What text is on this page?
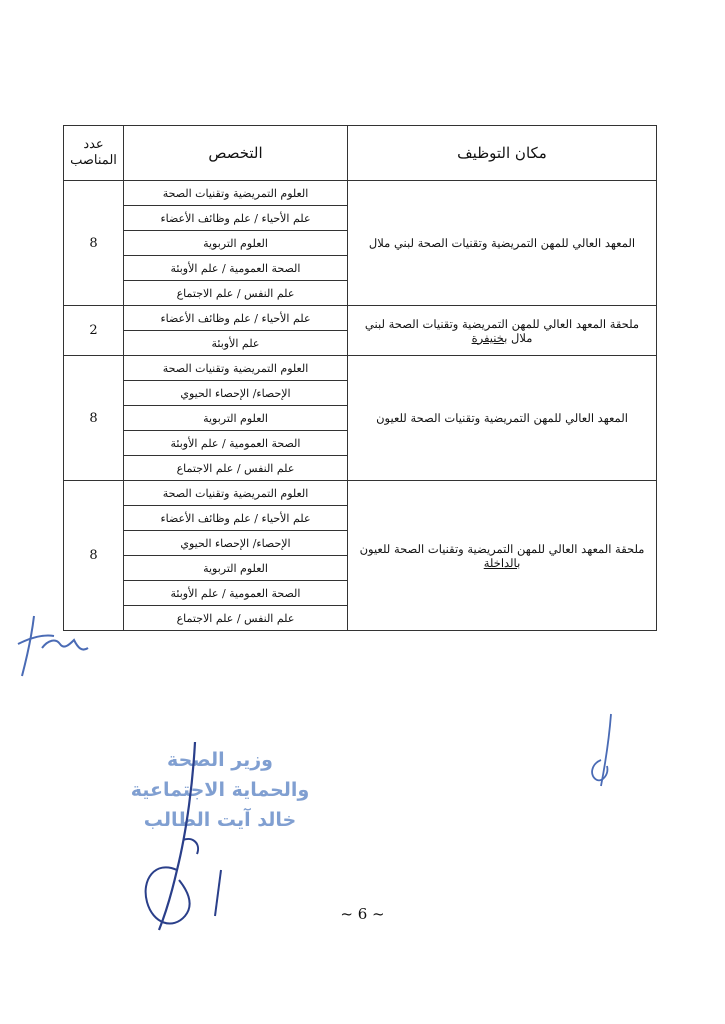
عدد المناصب	التخصص	مكان التوظيف
8	العلوم التمريضية وتقنيات الصحة	المعهد العالي للمهن التمريضية وتقنيات الصحة لبني ملال
	علم الأحياء / علم وظائف الأعضاء	
	العلوم التربوية	
	الصحة العمومية / علم الأوبئة	
	علم النفس / علم الاجتماع	
2	علم الأحياء / علم وظائف الأعضاء	ملحقة المعهد العالي للمهن التمريضية وتقنيات الصحة لبني ملال بخنيفرة
	علم الأوبئة	
8	العلوم التمريضية وتقنيات الصحة	المعهد العالي للمهن التمريضية وتقنيات الصحة للعيون
	الإحصاء/ الإحصاء الحيوي	
	العلوم التربوية	
	الصحة العمومية / علم الأوبئة	
	علم النفس / علم الاجتماع	
8	العلوم التمريضية وتقنيات الصحة	ملحقة المعهد العالي للمهن التمريضية وتقنيات الصحة للعيون بالداخلة
	علم الأحياء / علم وظائف الأعضاء	
	الإحصاء/ الإحصاء الحيوي	
	العلوم التربوية	
	الصحة العمومية / علم الأوبئة	
	علم النفس / علم الاجتماع	
وزير الصحة
والحماية الاجتماعية
خالد آيت الطالب
~ 6 ~
